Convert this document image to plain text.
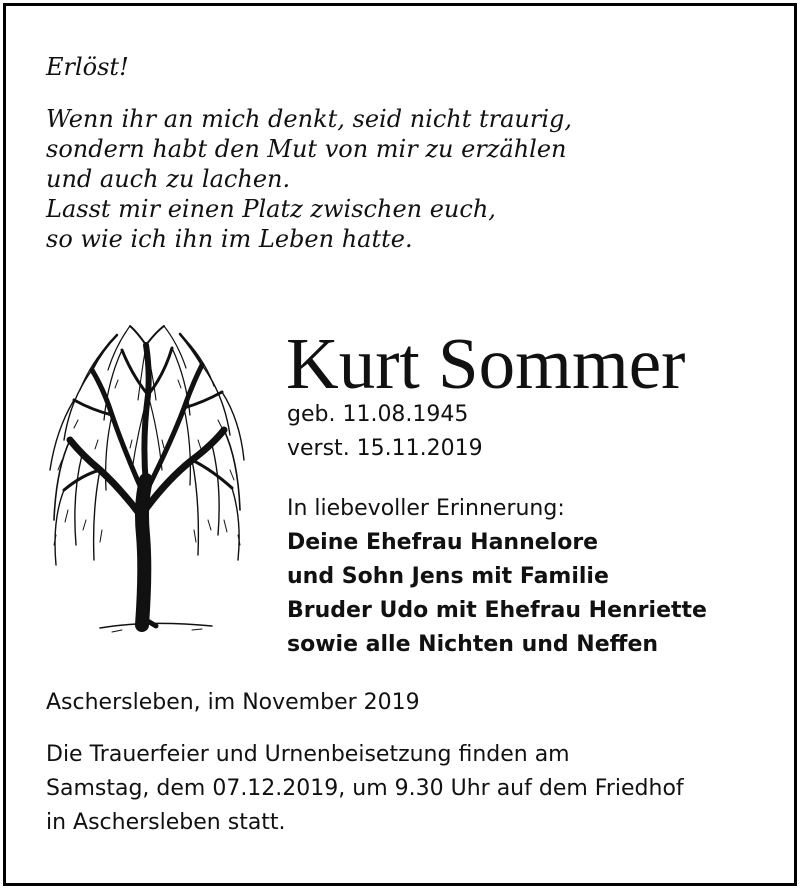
Erlöst!
Wenn ihr an mich denkt, seid nicht traurig,
sondern habt den Mut von mir zu erzählen
und auch zu lachen.
Lasst mir einen Platz zwischen euch,
so wie ich ihn im Leben hatte.
Kurt Sommer
geb. 11.08.1945
verst. 15.11.2019
In liebevoller Erinnerung:
Deine Ehefrau Hannelore
und Sohn Jens mit Familie
Bruder Udo mit Ehefrau Henriette
sowie alle Nichten und Neffen
Aschersleben, im November 2019
Die Trauerfeier und Urnenbeisetzung finden am
Samstag, dem 07.12.2019, um 9.30 Uhr auf dem Friedhof
in Aschersleben statt.
